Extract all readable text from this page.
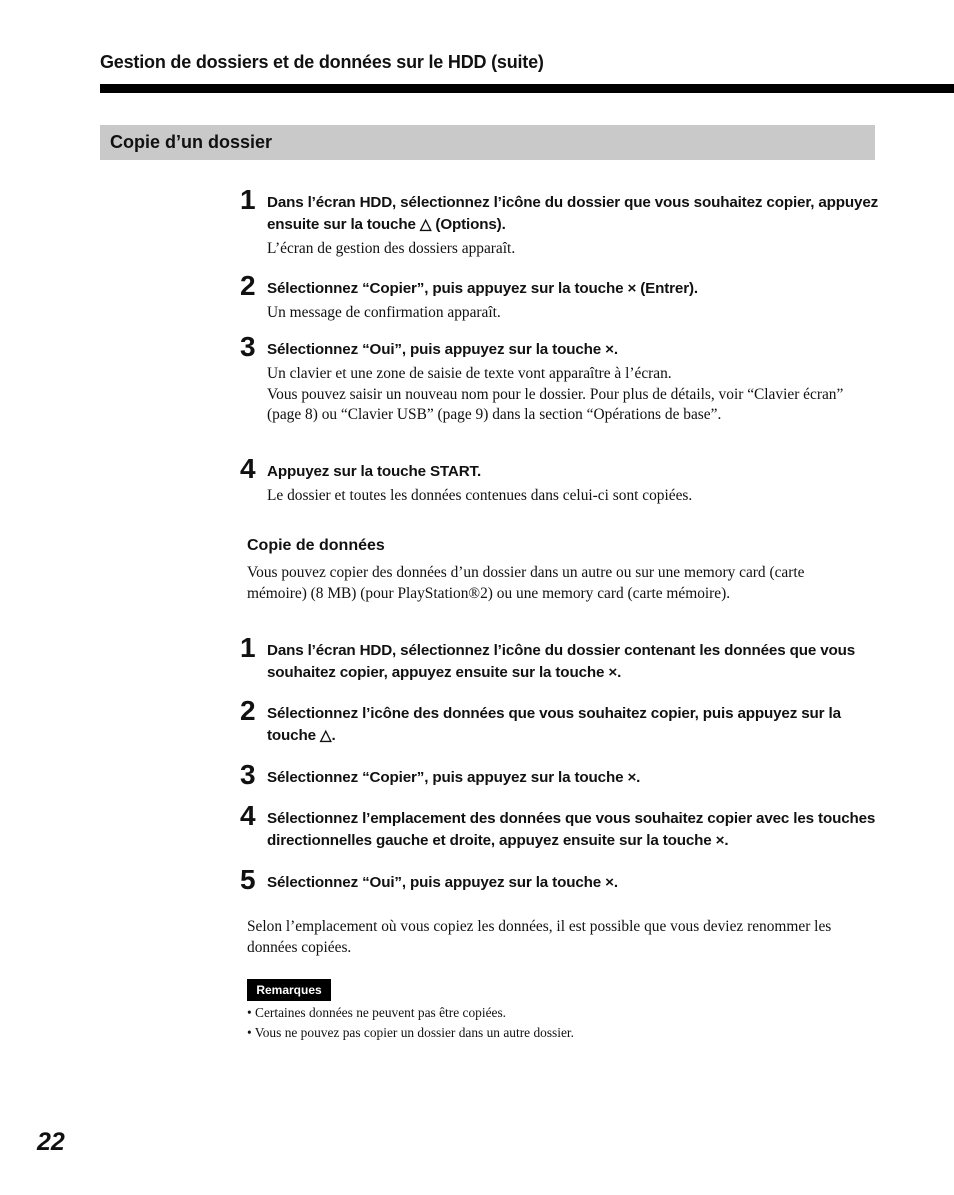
Gestion de dossiers et de données sur le HDD (suite)
Copie d’un dossier
1 Dans l’écran HDD, sélectionnez l’icône du dossier que vous souhaitez copier, appuyez ensuite sur la touche △ (Options).
L’écran de gestion des dossiers apparaît.
2 Sélectionnez “Copier”, puis appuyez sur la touche × (Entrer).
Un message de confirmation apparaît.
3 Sélectionnez “Oui”, puis appuyez sur la touche ×.
Un clavier et une zone de saisie de texte vont apparaître à l’écran.
Vous pouvez saisir un nouveau nom pour le dossier. Pour plus de détails, voir “Clavier écran” (page 8) ou “Clavier USB” (page 9) dans la section “Opérations de base”.
4 Appuyez sur la touche START.
Le dossier et toutes les données contenues dans celui-ci sont copiées.
Copie de données
Vous pouvez copier des données d’un dossier dans un autre ou sur une memory card (carte mémoire) (8 MB) (pour PlayStation®2) ou une memory card (carte mémoire).
1 Dans l’écran HDD, sélectionnez l’icône du dossier contenant les données que vous souhaitez copier, appuyez ensuite sur la touche ×.
2 Sélectionnez l’icône des données que vous souhaitez copier, puis appuyez sur la touche △.
3 Sélectionnez “Copier”, puis appuyez sur la touche ×.
4 Sélectionnez l’emplacement des données que vous souhaitez copier avec les touches directionnelles gauche et droite, appuyez ensuite sur la touche ×.
5 Sélectionnez “Oui”, puis appuyez sur la touche ×.
Selon l’emplacement où vous copiez les données, il est possible que vous deviez renommer les données copiées.
Remarques
• Certaines données ne peuvent pas être copiées.
• Vous ne pouvez pas copier un dossier dans un autre dossier.
22
